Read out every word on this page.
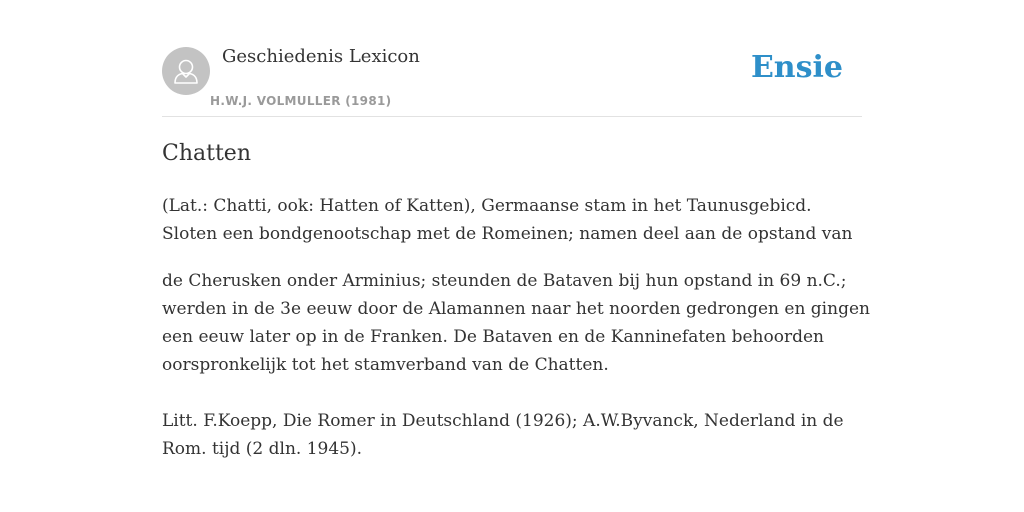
Geschiedenis Lexicon
H.W.J. VOLMULLER (1981)
Ensie
Chatten

(Lat.: Chatti, ook: Hatten of Katten), Germaanse stam in het Taunusgebicd.
Sloten een bondgenootschap met de Romeinen; namen deel aan de opstand van

de Cherusken onder Arminius; steunden de Bataven bij hun opstand in 69 n.C.;
werden in de 3e eeuw door de Alamannen naar het noorden gedrongen en gingen
een eeuw later op in de Franken. De Bataven en de Kanninefaten behoorden
oorspronkelijk tot het stamverband van de Chatten.

Litt. F.Koepp, Die Romer in Deutschland (1926); A.W.Byvanck, Nederland in de
Rom. tijd (2 dln. 1945).
